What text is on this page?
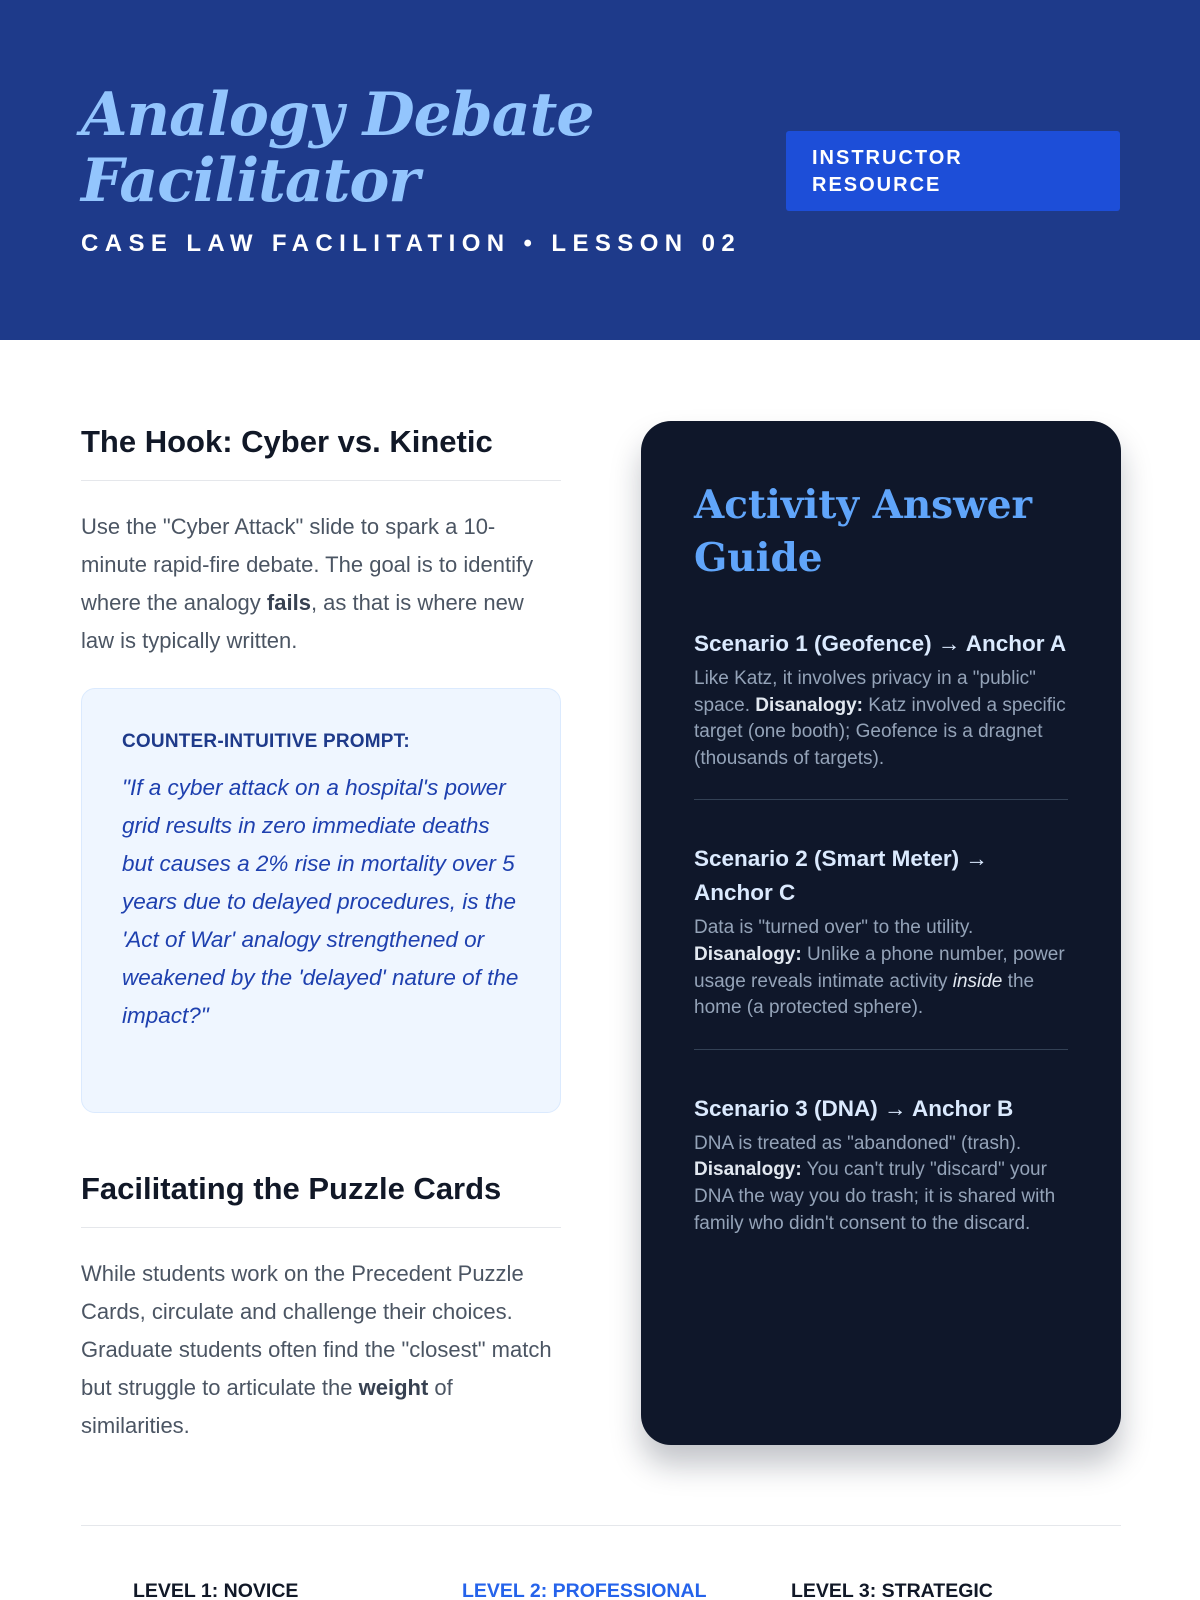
Analogy Debate
Facilitator
CASE LAW FACILITATION • LESSON 02
INSTRUCTOR
RESOURCE
The Hook: Cyber vs. Kinetic

Use the "Cyber Attack" slide to spark a 10-minute rapid-fire debate. The goal is to identify where the analogy fails, as that is where new law is typically written.

COUNTER-INTUITIVE PROMPT:

"If a cyber attack on a hospital's power grid results in zero immediate deaths but causes a 2% rise in mortality over 5 years due to delayed procedures, is the 'Act of War' analogy strengthened or weakened by the 'delayed' nature of the impact?"

Facilitating the Puzzle Cards

While students work on the Precedent Puzzle Cards, circulate and challenge their choices. Graduate students often find the "closest" match but struggle to articulate the weight of similarities.

Activity Answer
Guide
Scenario 1 (Geofence) → Anchor A

Like Katz, it involves privacy in a "public" space. Disanalogy: Katz involved a specific target (one booth); Geofence is a dragnet (thousands of targets).

Scenario 2 (Smart Meter) → Anchor C

Data is "turned over" to the utility. Disanalogy: Unlike a phone number, power usage reveals intimate activity inside the home (a protected sphere).

Scenario 3 (DNA) → Anchor B

DNA is treated as "abandoned" (trash). Disanalogy: You can't truly "discard" your DNA the way you do trash; it is shared with family who didn't consent to the discard.

LEVEL 1: NOVICE	LEVEL 2: PROFESSIONAL	LEVEL 3: STRATEGIC
